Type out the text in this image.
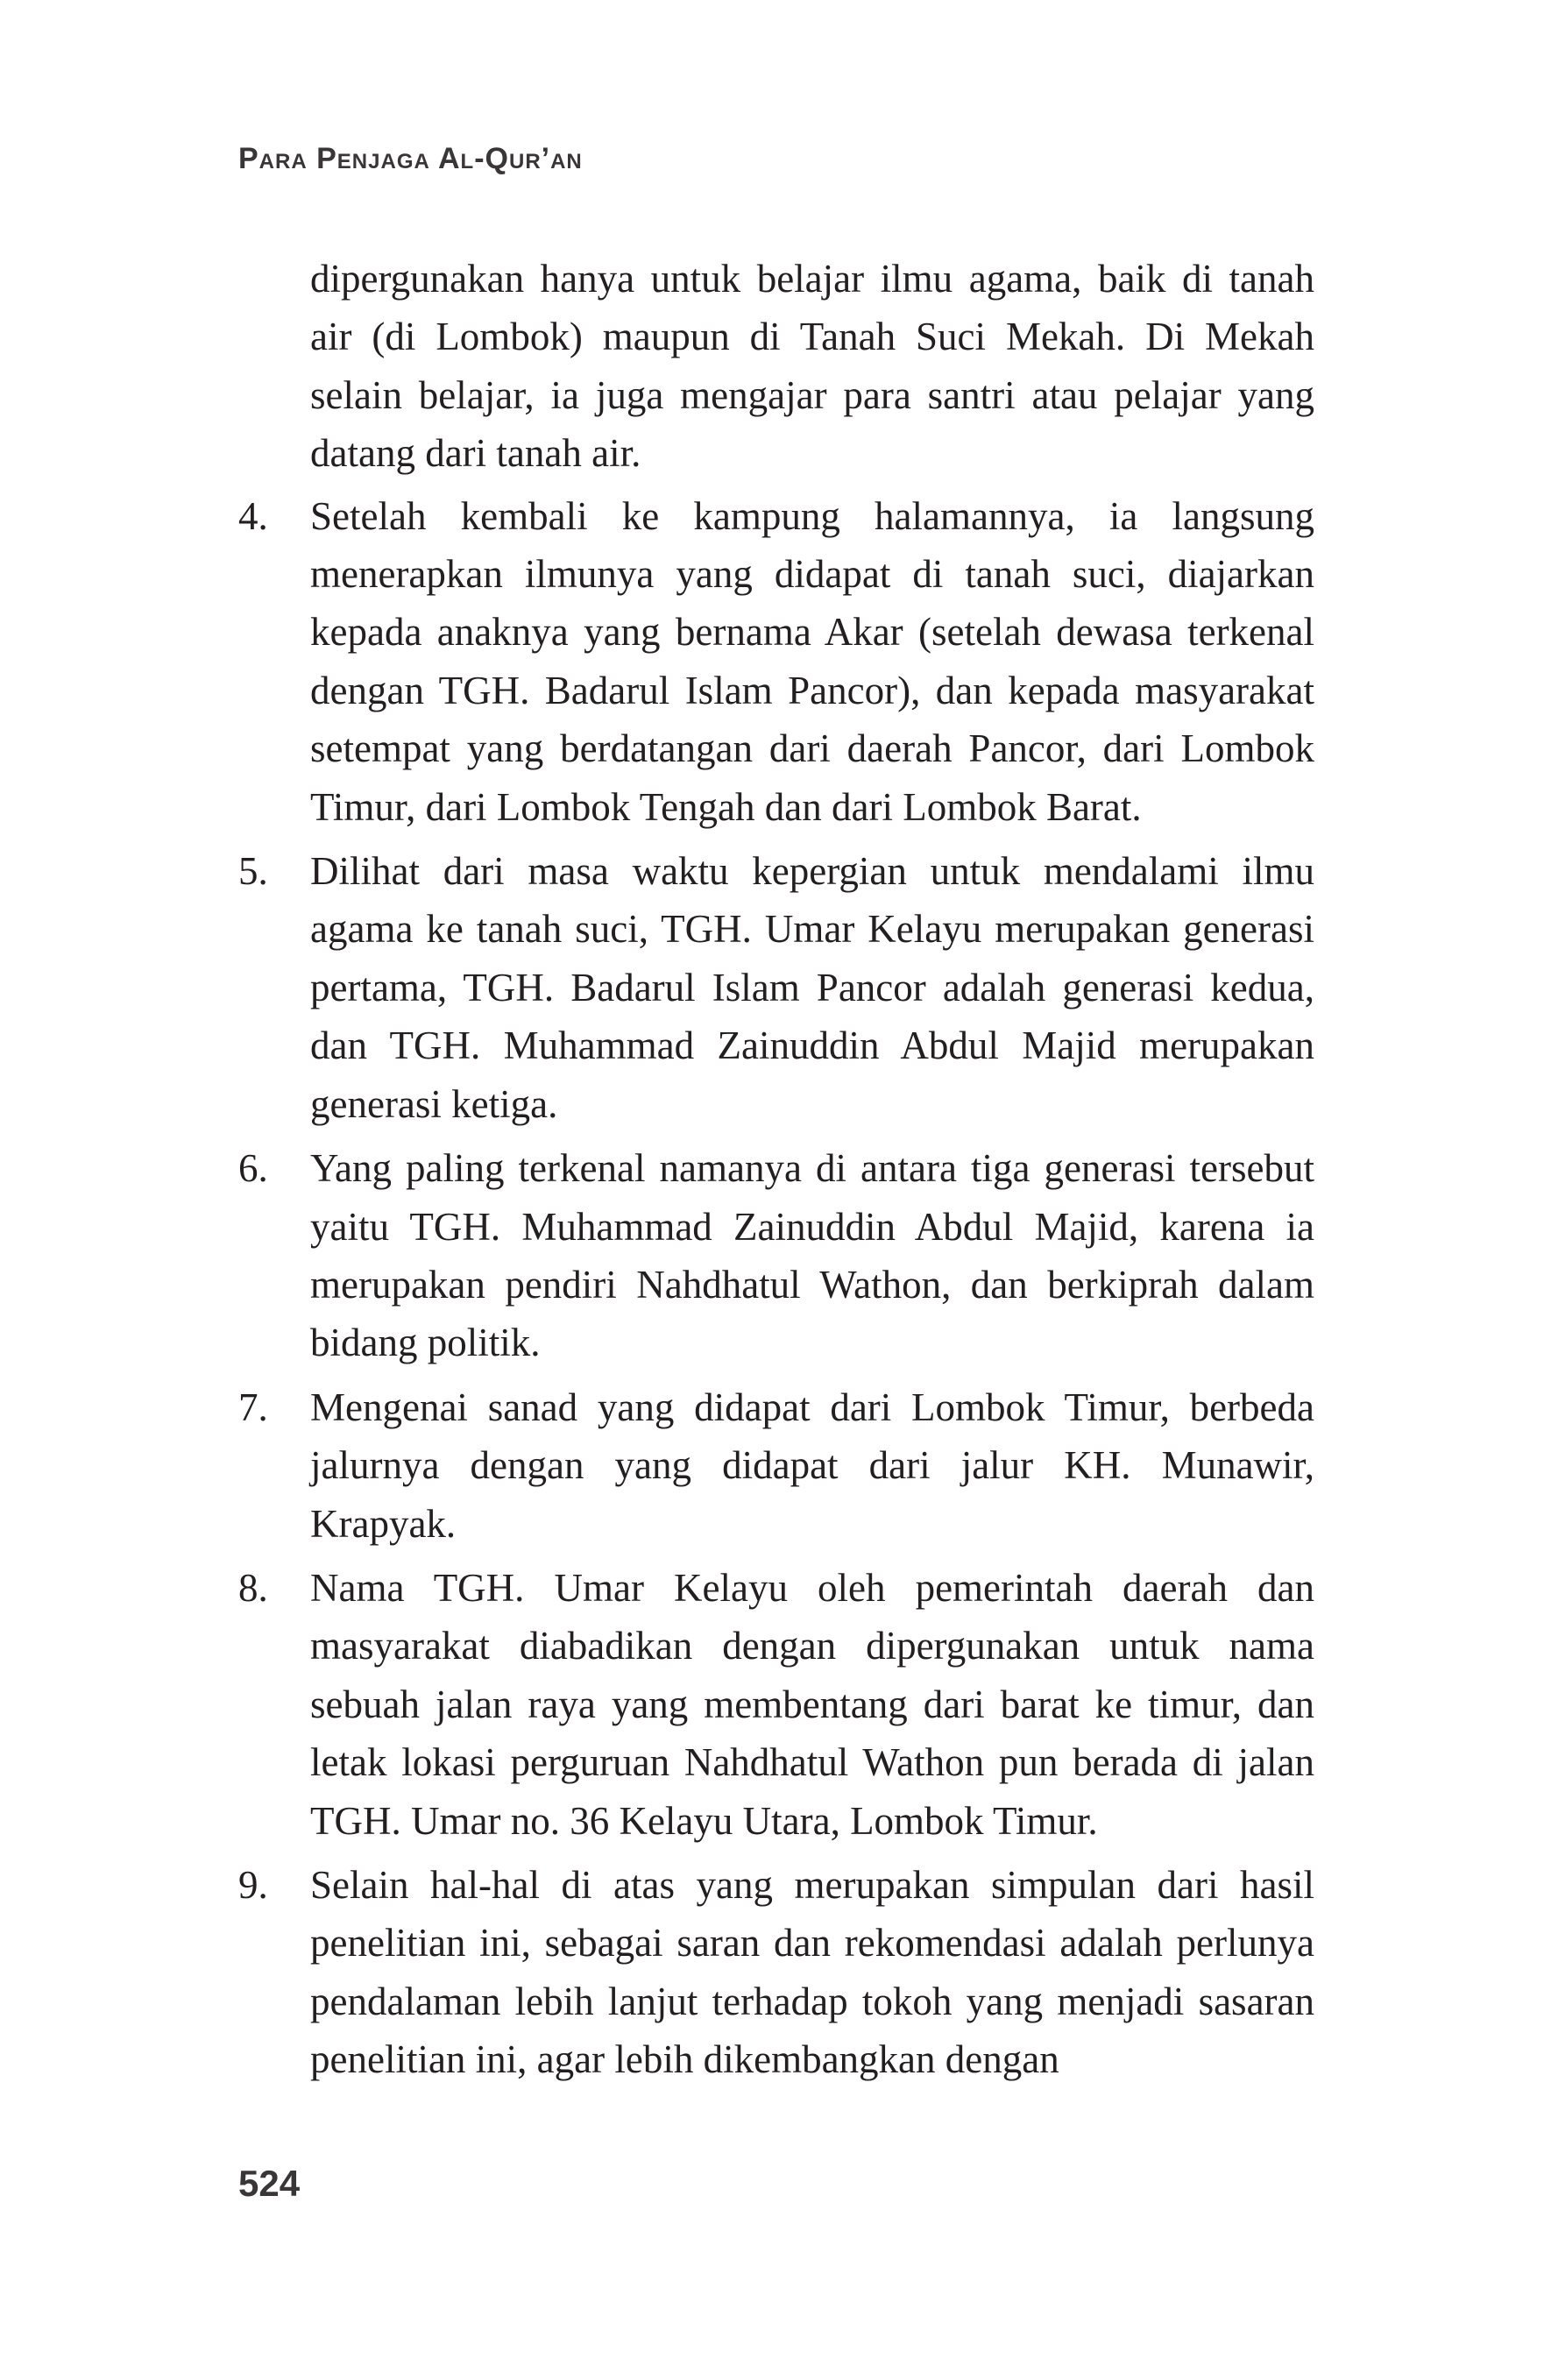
Para Penjaga Al-Qur’an

dipergunakan hanya untuk belajar ilmu agama, baik di tanah air (di Lombok) maupun di Tanah Suci Mekah. Di Mekah selain belajar, ia juga mengajar para santri atau pelajar yang datang dari tanah air.

4. Setelah kembali ke kampung halamannya, ia langsung menerapkan ilmunya yang didapat di tanah suci, diajarkan kepada anaknya yang bernama Akar (setelah dewasa terkenal dengan TGH. Badarul Islam Pancor), dan kepada masyarakat setempat yang berdatangan dari daerah Pancor, dari Lombok Timur, dari Lombok Tengah dan dari Lombok Barat.
5. Dilihat dari masa waktu kepergian untuk mendalami ilmu agama ke tanah suci, TGH. Umar Kelayu merupakan generasi pertama, TGH. Badarul Islam Pancor adalah generasi kedua, dan TGH. Muhammad Zainuddin Abdul Majid merupakan generasi ketiga.
6. Yang paling terkenal namanya di antara tiga generasi tersebut yaitu TGH. Muhammad Zainuddin Abdul Majid, karena ia merupakan pendiri Nahdhatul Wathon, dan berkiprah dalam bidang politik.
7. Mengenai sanad yang didapat dari Lombok Timur, berbeda jalurnya dengan yang didapat dari jalur KH. Munawir, Krapyak.
8. Nama TGH. Umar Kelayu oleh pemerintah daerah dan masyarakat diabadikan dengan dipergunakan untuk nama sebuah jalan raya yang membentang dari barat ke timur, dan letak lokasi perguruan Nahdhatul Wathon pun berada di jalan TGH. Umar no. 36 Kelayu Utara, Lombok Timur.
9. Selain hal-hal di atas yang merupakan simpulan dari hasil penelitian ini, sebagai saran dan rekomendasi adalah perlunya pendalaman lebih lanjut terhadap tokoh yang menjadi sasaran penelitian ini, agar lebih dikembangkan dengan
524
